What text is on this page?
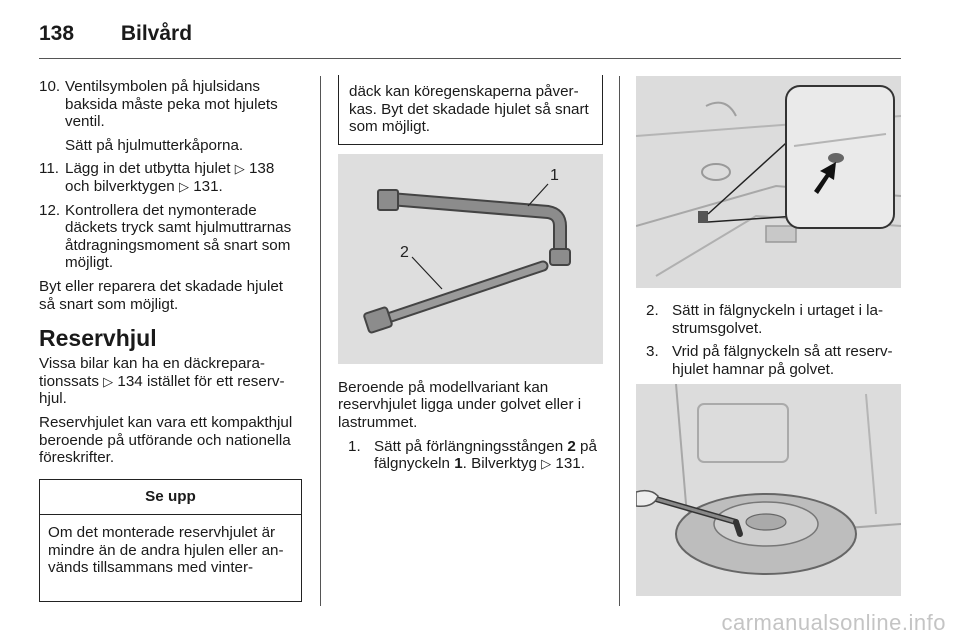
138 Bilvård
10. Ventilsymbolen på hjulsidans baksida måste peka mot hjulets ventil.
Sätt på hjulmutterkåporna.
11. Lägg in det utbytta hjulet ▷ 138 och bilverktygen ▷ 131.
12. Kontrollera det nymonterade däckets tryck samt hjulmuttrarnas åtdragningsmoment så snart som möjligt.

Byt eller reparera det skadade hjulet så snart som möjligt.

Reservhjul

Vissa bilar kan ha en däckreparationssats ▷ 134 istället för ett reservhjul.

Reservhjulet kan vara ett kompakthjul beroende på utförande och nationella föreskrifter.

Se upp
Om det monterade reservhjulet är mindre än de andra hjulen eller används tillsammans med vinter-
däck kan köregenskaperna påverkas. Byt det skadade hjulet så snart som möjligt.
1
2

Beroende på modellvariant kan reservhjulet ligga under golvet eller i lastrummet.

1. Sätt på förlängningsstången 2 på fälgnyckeln 1. Bilverktyg ▷ 131.
2. Sätt in fälgnyckeln i urtaget i lastrumsgolvet.
3. Vrid på fälgnyckeln så att reservhjulet hamnar på golvet.
carmanualsonline.info
